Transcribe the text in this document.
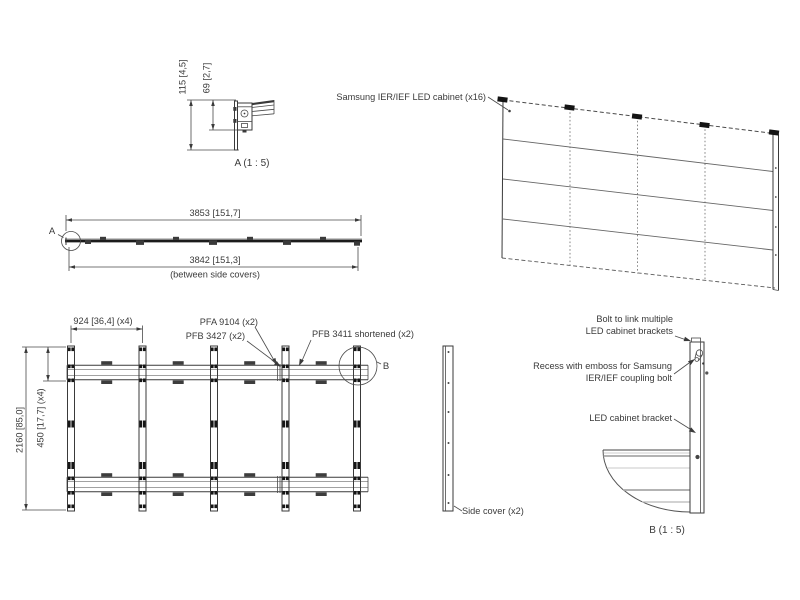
115 [4,5] 69 [2,7]
A (1 : 5)
3853 [151,7]
3842 [151,3]
(between side covers)
A
924 [36,4] (x4)
450 [17,7] (x4)
2160 [85,0]
PFA 9104 (x2)
PFB 3427 (x2)	PFB 3411 shortened (x2)
B
Side cover (x2)
Samsung IER/IEF LED cabinet (x16)
Bolt to link multiple
LED cabinet brackets
Recess with emboss for Samsung
IER/IEF coupling bolt
LED cabinet bracket
B (1 : 5)
